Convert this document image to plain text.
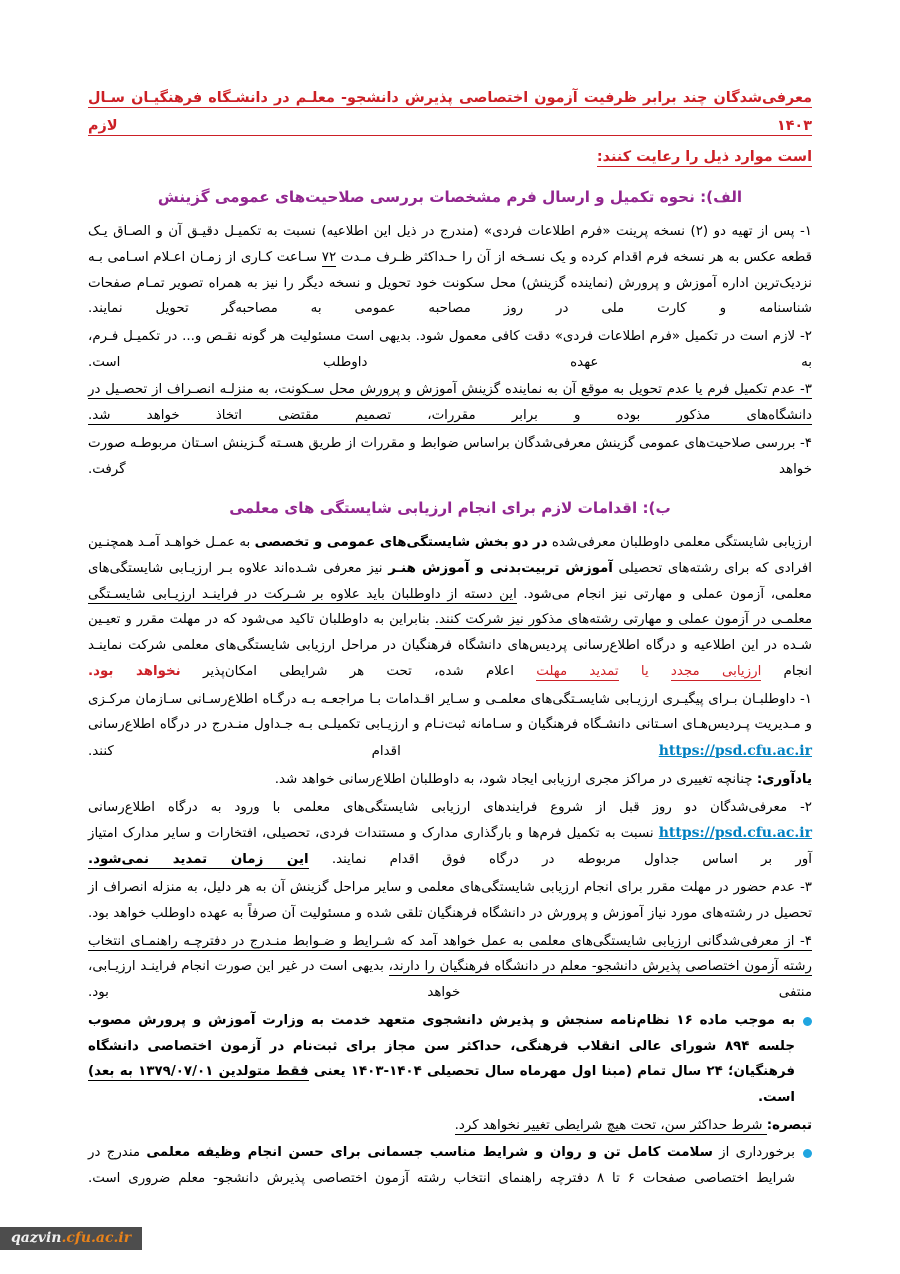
معرفی‌شدگان چند برابر ظرفیت آزمون اختصاصی پذیرش دانشجو- معلـم در دانشـگاه فرهنگیـان سـال ۱۴۰۳ لازم
است موارد ذیل را رعایت کنند:
الف): نحوه تکمیل و ارسال فرم مشخصات بررسی صلاحیت‌های عمومی گزینش

۱- پس از تهیه دو (۲) نسخه پرینت «فرم اطلاعات فردی» (مندرج در ذیل این اطلاعیه) نسبت به تکمیـل دقیـق آن و الصـاق یـک قطعه عکس به هر نسخه فرم اقدام کرده و یک نسـخه از آن را حـداکثر ظـرف مـدت ۷۲ سـاعت کـاری از زمـان اعـلام اسـامی بـه نزدیک‌ترین اداره آموزش و پرورش (نماینده گزینش) محل سکونت خود تحویل و نسخه دیگر را نیز به همراه تصویر تمـام صفحات شناسنامه و کارت ملی در روز مصاحبه عمومی به مصاحبه‌گر تحویل نمایند.

۲- لازم است در تکمیل «فرم اطلاعات فردی» دقت کافی معمول شود. بدیهی است مسئولیت هر گونه نقـص و... در تکمیـل فـرم، به عهده داوطلب است.

۳- عدم تکمیل فرم یا عدم تحویل به موقع آن به نماینده گزینش آموزش و پرورش محل سـکونت، به منزلـه انصـراف از تحصـیل در دانشگاه‌های مذکور بوده و برابر مقررات، تصمیم مقتضی اتخاذ خواهد شد.

۴- بررسی صلاحیت‌های عمومی گزینش معرفی‌شدگان براساس ضوابط و مقررات از طریق هسـته گـزینش اسـتان مربوطـه صورت خواهد گرفت.

ب): اقدامات لازم برای انجام ارزیابی شایستگی های معلمی

ارزیابی شایستگی معلمی داوطلبان معرفی‌شده در دو بخش شایستگی‌های عمومی و تخصصی به عمـل خواهـد آمـد همچنـین افرادی که برای رشته‌های تحصیلی آموزش تربیت‌بدنی و آموزش هنـر نیز معرفی شـده‌اند علاوه بـر ارزیـابی شایستگی‌های معلمی، آزمون عملی و مهارتی نیز انجام می‌شود. این دسته از داوطلبان باید علاوه بر شـرکت در فراینـد ارزیـابی شایسـتگی معلمـی در آزمون عملی و مهارتی رشته‌های مذکور نیز شرکت کنند. بنابراین به داوطلبان تاکید می‌شود که در مهلت مقرر و تعیـین شـده در این اطلاعیه و درگاه اطلاع‌رسانی پردیس‌های دانشگاه فرهنگیان در مراحل ارزیابی شایستگی‌های معلمی شرکت نماینـد انجام ارزیابی مجدد یا تمدید مهلت اعلام شده، تحت هر شرایطی امکان‌پذیر نخواهد بود.

۱- داوطلبـان بـرای پیگیـری ارزیـابی شایسـتگی‌های معلمـی و سـایر اقـدامات بـا مراجعـه بـه درگـاه اطلاع‌رسـانی سـازمان مرکـزی و مـدیریت پـردیس‌هـای اسـتانی دانشـگاه فرهنگیان و سـامانه ثبت‌نـام و ارزیـابی تکمیلـی بـه جـداول منـدرج در درگاه اطلاع‌رسانی https://psd.cfu.ac.ir اقدام کنند.

یادآوری: چنانچه تغییری در مراکز مجری ارزیابی ایجاد شود، به داوطلبان اطلاع‌رسانی خواهد شد.

۲- معرفی‌شدگان دو روز قبل از شروع فرایندهای ارزیابی شایستگی‌های معلمی با ورود به درگاه اطلاع‌رسانی https://psd.cfu.ac.ir نسبت به تکمیل فرم‌ها و بارگذاری مدارک و مستندات فردی، تحصیلی، افتخارات و سایر مدارک امتیاز آور بر اساس جداول مربوطه در درگاه فوق اقدام نمایند. این زمان تمدید نمی‌شود.

۳- عدم حضور در مهلت مقرر برای انجام ارزیابی شایستگی‌های معلمی و سایر مراحل گزینش آن به هر دلیل، به منزله انصراف از تحصیل در رشته‌های مورد نیاز آموزش و پرورش در دانشگاه فرهنگیان تلقی شده و مسئولیت آن صرفاً به عهده داوطلب خواهد بود.

۴- از معرفی‌شدگانی ارزیابی شایستگی‌های معلمی به عمل خواهد آمد که شـرایط و ضـوابط منـدرج در دفترچـه راهنمـای انتخاب رشته آزمون اختصاصی پذیرش دانشجو- معلم در دانشگاه فرهنگیان را دارند، بدیهی است در غیر این صورت انجام فراینـد ارزیـابی، منتفی خواهد بود.

به موجب ماده ۱۶ نظام‌نامه سنجش و پذیرش دانشجوی متعهد خدمت به وزارت آموزش و پرورش مصوب جلسه ۸۹۴ شورای عالی انقلاب فرهنگی، حداکثر سن مجاز برای ثبت‌نام در آزمون اختصاصی دانشگاه فرهنگیان؛ ۲۴ سال تمام (مبنا اول مهرماه سال تحصیلی ۱۴۰۴-۱۴۰۳ یعنی فقط متولدین ۱۳۷۹/۰۷/۰۱ به بعد) است.

تبصره: شرط حداکثر سن، تحت هیچ شرایطی تغییر نخواهد کرد.

برخورداری از سلامت کامل تن و روان و شرایط مناسب جسمانی برای حسن انجام وظیفه معلمی مندرج در شرایط اختصاصی صفحات ۶ تا ۸ دفترچه راهنمای انتخاب رشته آزمون اختصاصی پذیرش دانشجو- معلم ضروری است.

qazvin.cfu.ac.ir
